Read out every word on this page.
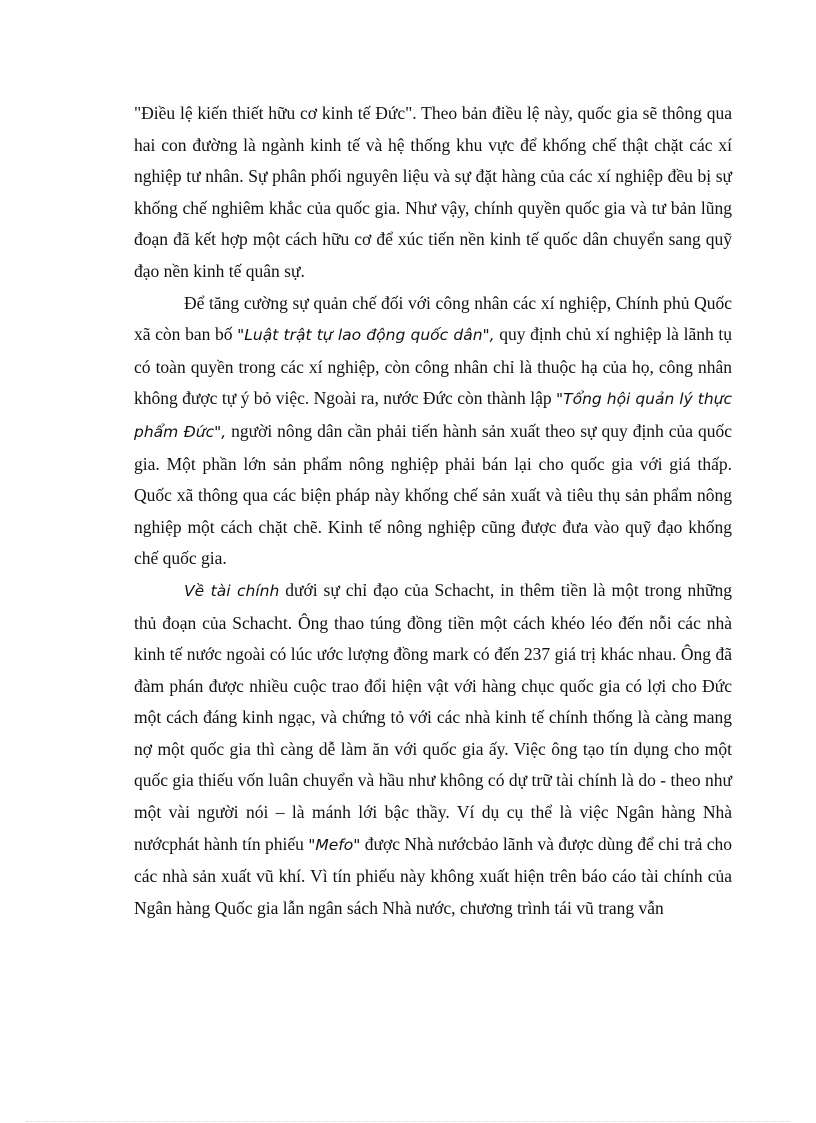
"Điều lệ kiến thiết hữu cơ kinh tế Đức". Theo bản điều lệ này, quốc gia sẽ thông qua hai con đường là ngành kinh tế và hệ thống khu vực để khống chế thật chặt các xí nghiệp tư nhân. Sự phân phối nguyên liệu và sự đặt hàng của các xí nghiệp đều bị sự khống chế nghiêm khắc của quốc gia. Như vậy, chính quyền quốc gia và tư bản lũng đoạn đã kết hợp một cách hữu cơ để xúc tiến nền kinh tế quốc dân chuyển sang quỹ đạo nền kinh tế quân sự.

Để tăng cường sự quản chế đối với công nhân các xí nghiệp, Chính phủ Quốc xã còn ban bố "Luật trật tự lao động quốc dân", quy định chủ xí nghiệp là lãnh tụ có toàn quyền trong các xí nghiệp, còn công nhân chỉ là thuộc hạ của họ, công nhân không được tự ý bỏ việc. Ngoài ra, nước Đức còn thành lập "Tổng hội quản lý thực phẩm Đức", người nông dân cần phải tiến hành sản xuất theo sự quy định của quốc gia. Một phần lớn sản phẩm nông nghiệp phải bán lại cho quốc gia với giá thấp. Quốc xã thông qua các biện pháp này khống chế sản xuất và tiêu thụ sản phẩm nông nghiệp một cách chặt chẽ. Kinh tế nông nghiệp cũng được đưa vào quỹ đạo khống chế quốc gia.

Về tài chính dưới sự chỉ đạo của Schacht, in thêm tiền là một trong những thủ đoạn của Schacht. Ông thao túng đồng tiền một cách khéo léo đến nỗi các nhà kinh tế nước ngoài có lúc ước lượng đồng mark có đến 237 giá trị khác nhau. Ông đã đàm phán được nhiều cuộc trao đổi hiện vật với hàng chục quốc gia có lợi cho Đức một cách đáng kinh ngạc, và chứng tỏ với các nhà kinh tế chính thống là càng mang nợ một quốc gia thì càng dễ làm ăn với quốc gia ấy. Việc ông tạo tín dụng cho một quốc gia thiếu vốn luân chuyển và hầu như không có dự trữ tài chính là do - theo như một vài người nói – là mánh lới bậc thầy. Ví dụ cụ thể là việc Ngân hàng Nhà nướcphát hành tín phiếu "Mefo" được Nhà nướcbảo lãnh và được dùng để chi trả cho các nhà sản xuất vũ khí. Vì tín phiếu này không xuất hiện trên báo cáo tài chính của Ngân hàng Quốc gia lẫn ngân sách Nhà nước, chương trình tái vũ trang vẫn
